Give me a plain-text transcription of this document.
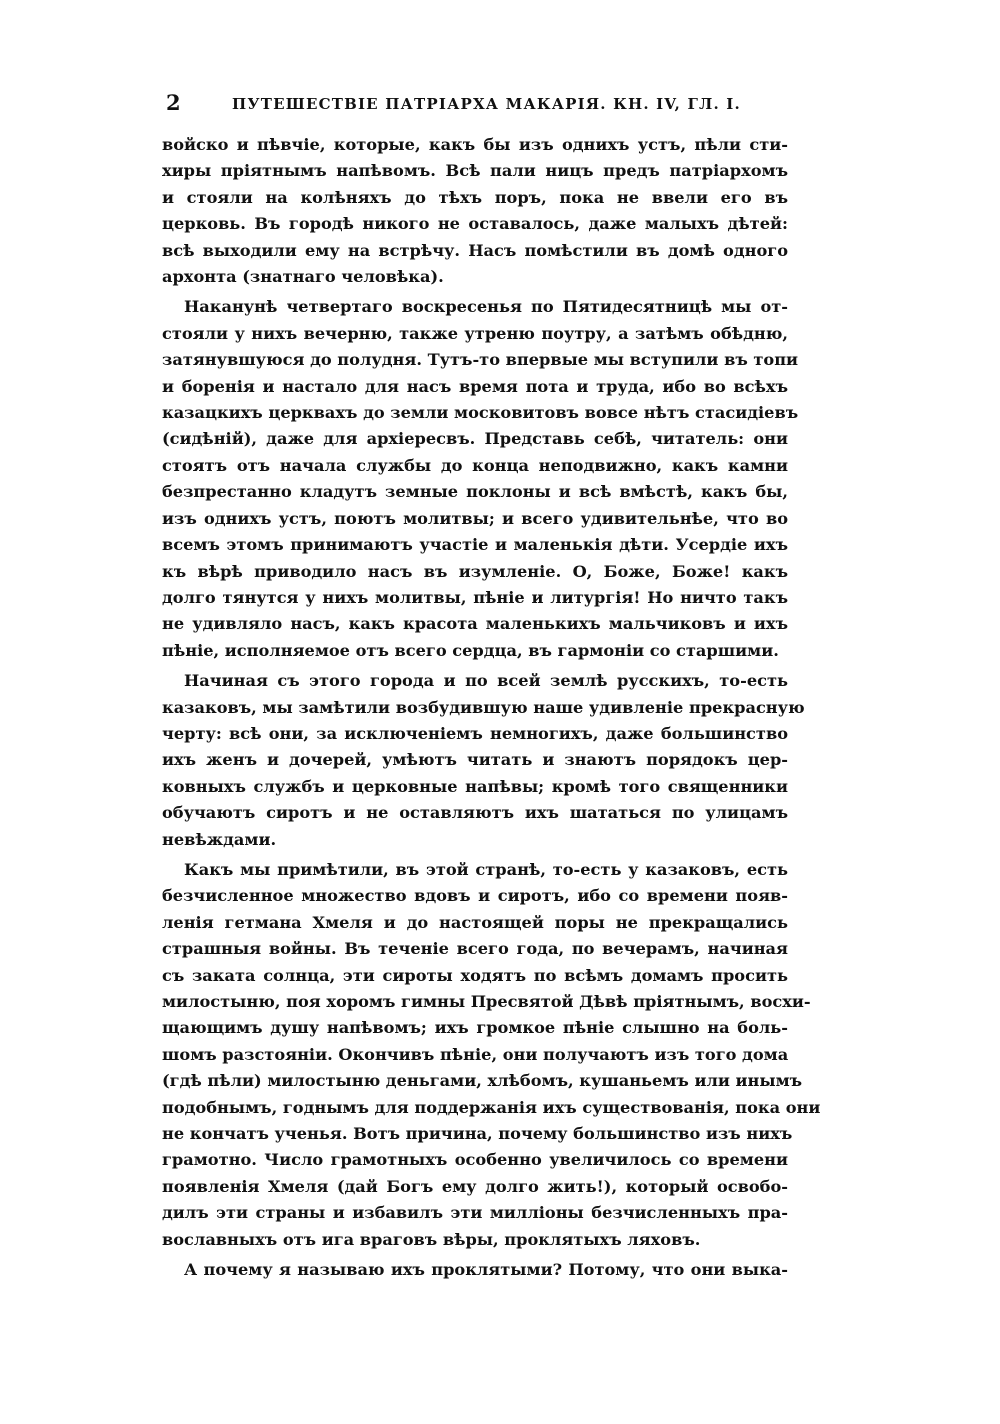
2	ПУТЕШЕСТВІЕ ПАТРІАРХА МАКАРІЯ. КН. IV, ГЛ. I.
войско и пѣвчіе, которые, какъ бы изъ однихъ устъ, пѣли сти-
хиры пріятнымъ напѣвомъ. Всѣ пали ницъ предъ патріархомъ
и стояли на колѣняхъ до тѣхъ поръ, пока не ввели его въ
церковь. Въ городѣ никого не оставалось, даже малыхъ дѣтей:
всѣ выходили ему на встрѣчу. Насъ помѣстили въ домѣ одного
архонта (знатнаго человѣка).
Наканунѣ четвертаго воскресенья по Пятидесятницѣ мы от-
стояли у нихъ вечерню, также утреню поутру, а затѣмъ обѣдню,
затянувшуюся до полудня. Тутъ-то впервые мы вступили въ топи
и боренія и настало для насъ время пота и труда, ибо во всѣхъ
казацкихъ церквахъ до земли московитовъ вовсе нѣтъ стасидіевъ
(сидѣній), даже для архіересвъ. Представь себѣ, читатель: они
стоятъ отъ начала службы до конца неподвижно, какъ камни
безпрестанно кладутъ земные поклоны и всѣ вмѣстѣ, какъ бы,
изъ однихъ устъ, поютъ молитвы; и всего удивительнѣе, что во
всемъ этомъ принимаютъ участіе и маленькія дѣти. Усердіе ихъ
къ вѣрѣ приводило насъ въ изумленіе. О, Боже, Боже! какъ
долго тянутся у нихъ молитвы, пѣніе и литургія! Но ничто такъ
не удивляло насъ, какъ красота маленькихъ мальчиковъ и ихъ
пѣніе, исполняемое отъ всего сердца, въ гармоніи со старшими.
Начиная съ этого города и по всей землѣ русскихъ, то-есть
казаковъ, мы замѣтили возбудившую наше удивленіе прекрасную
черту: всѣ они, за исключеніемъ немногихъ, даже большинство
ихъ женъ и дочерей, умѣютъ читать и знаютъ порядокъ цер-
ковныхъ службъ и церковные напѣвы; кромѣ того священники
обучаютъ сиротъ и не оставляютъ ихъ шататься по улицамъ
невѣждами.
Какъ мы примѣтили, въ этой странѣ, то-есть у казаковъ, есть
безчисленное множество вдовъ и сиротъ, ибо со времени появ-
ленія гетмана Хмеля и до настоящей поры не прекращались
страшныя войны. Въ теченіе всего года, по вечерамъ, начиная
съ заката солнца, эти сироты ходятъ по всѣмъ домамъ просить
милостыню, поя хоромъ гимны Пресвятой Дѣвѣ пріятнымъ, восхи-
щающимъ душу напѣвомъ; ихъ громкое пѣніе слышно на боль-
шомъ разстояніи. Окончивъ пѣніе, они получаютъ изъ того дома
(гдѣ пѣли) милостыню деньгами, хлѣбомъ, кушаньемъ или инымъ
подобнымъ, годнымъ для поддержанія ихъ существованія, пока они
не кончатъ ученья. Вотъ причина, почему большинство изъ нихъ
грамотно. Число грамотныхъ особенно увеличилось со времени
появленія Хмеля (дай Богъ ему долго жить!), который освобо-
дилъ эти страны и избавилъ эти милліоны безчисленныхъ пра-
вославныхъ отъ ига враговъ вѣры, проклятыхъ ляховъ.
А почему я называю ихъ проклятыми? Потому, что они выка-
